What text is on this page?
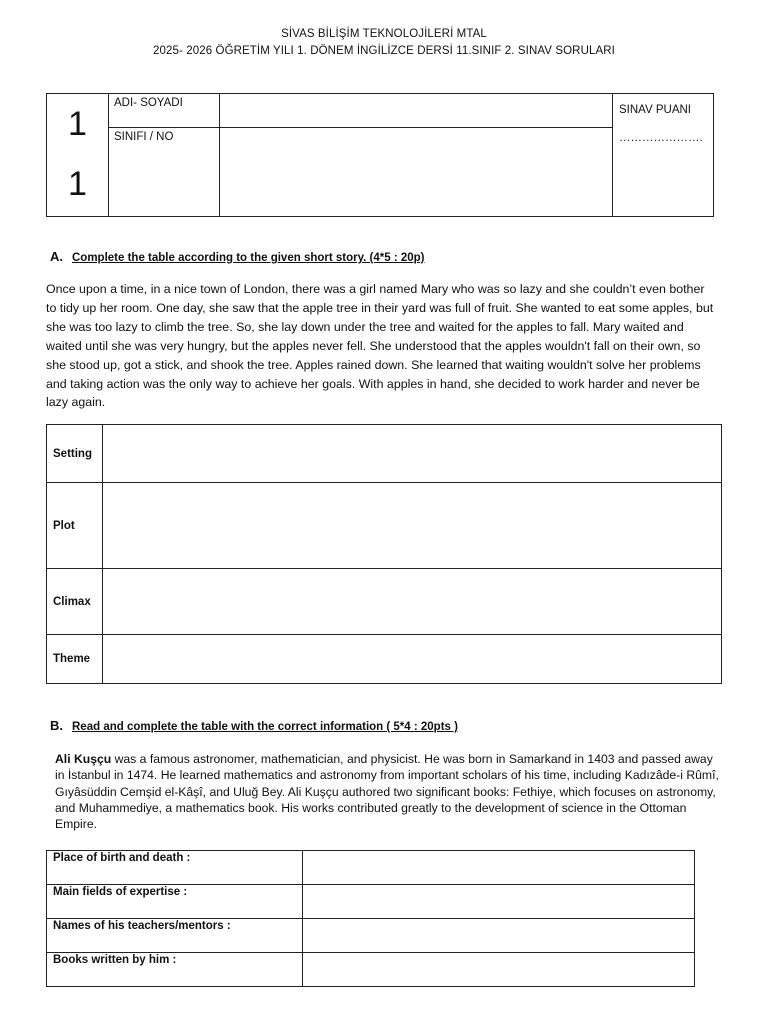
SİVAS BİLİŞİM TEKNOLOJİLERİ MTAL
2025- 2026 ÖĞRETİM YILI 1. DÖNEM İNGİLİZCE DERSİ 11.SINIF 2. SINAV SORULARI
1
1
ADI- SOYADI
SINIFI / NO
SINAV PUANI
………………….
A. Complete the table according to the given short story. (4*5 : 20p)
Once upon a time, in a nice town of London, there was a girl named Mary who was so lazy and she couldn’t even bother to tidy up her room. One day, she saw that the apple tree in their yard was full of fruit. She wanted to eat some apples, but she was too lazy to climb the tree. So, she lay down under the tree and waited for the apples to fall. Mary waited and waited until she was very hungry, but the apples never fell. She understood that the apples wouldn't fall on their own, so she stood up, got a stick, and shook the tree. Apples rained down. She learned that waiting wouldn't solve her problems and taking action was the only way to achieve her goals. With apples in hand, she decided to work harder and never be lazy again.
Setting	
Plot	
Climax	
Theme	
B. Read and complete the table with the correct information ( 5*4 : 20pts )
Ali Kuşçu was a famous astronomer, mathematician, and physicist. He was born in Samarkand in 1403 and passed away in İstanbul in 1474. He learned mathematics and astronomy from important scholars of his time, including Kadızâde-i Rûmî, Gıyâsüddin Cemşid el-Kâşî, and Uluğ Bey. Ali Kuşçu authored two significant books: Fethiye, which focuses on astronomy, and Muhammediye, a mathematics book. His works contributed greatly to the development of science in the Ottoman Empire.
Place of birth and death :	
Main fields of expertise :	
Names of his teachers/mentors :	
Books written by him :	
